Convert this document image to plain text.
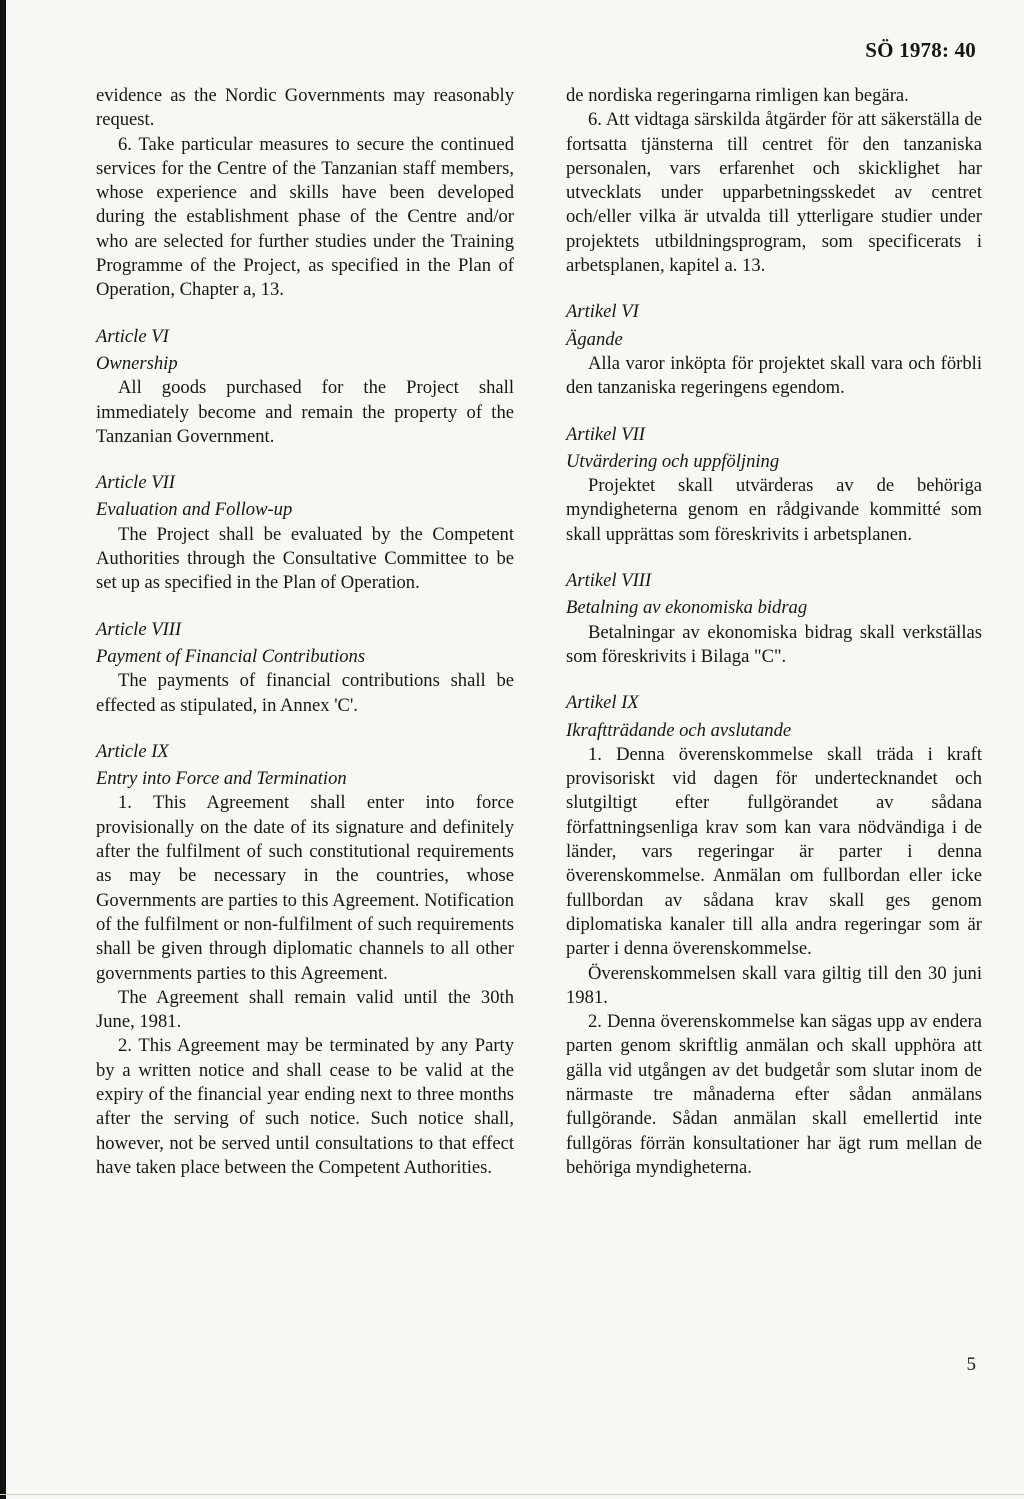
SÖ 1978: 40

evidence as the Nordic Governments may reasonably request.

6. Take particular measures to secure the continued services for the Centre of the Tanzanian staff members, whose experience and skills have been developed during the establishment phase of the Centre and/or who are selected for further studies under the Training Programme of the Project, as specified in the Plan of Operation, Chapter a, 13.

Article VI

Ownership

All goods purchased for the Project shall immediately become and remain the property of the Tanzanian Government.

Article VII

Evaluation and Follow-up

The Project shall be evaluated by the Competent Authorities through the Consultative Committee to be set up as specified in the Plan of Operation.

Article VIII

Payment of Financial Contributions

The payments of financial contributions shall be effected as stipulated, in Annex 'C'.

Article IX

Entry into Force and Termination

1. This Agreement shall enter into force provisionally on the date of its signature and definitely after the fulfilment of such constitutional requirements as may be necessary in the countries, whose Governments are parties to this Agreement. Notification of the fulfilment or non-fulfilment of such requirements shall be given through diplomatic channels to all other governments parties to this Agreement.

The Agreement shall remain valid until the 30th June, 1981.

2. This Agreement may be terminated by any Party by a written notice and shall cease to be valid at the expiry of the financial year ending next to three months after the serving of such notice. Such notice shall, however, not be served until consultations to that effect have taken place between the Competent Authorities.

de nordiska regeringarna rimligen kan begära.

6. Att vidtaga särskilda åtgärder för att säkerställa de fortsatta tjänsterna till centret för den tanzaniska personalen, vars erfarenhet och skicklighet har utvecklats under upparbetningsskedet av centret och/eller vilka är utvalda till ytterligare studier under projektets utbildningsprogram, som specificerats i arbetsplanen, kapitel a. 13.

Artikel VI

Ägande

Alla varor inköpta för projektet skall vara och förbli den tanzaniska regeringens egendom.

Artikel VII

Utvärdering och uppföljning

Projektet skall utvärderas av de behöriga myndigheterna genom en rådgivande kommitté som skall upprättas som föreskrivits i arbetsplanen.

Artikel VIII

Betalning av ekonomiska bidrag

Betalningar av ekonomiska bidrag skall verkställas som föreskrivits i Bilaga "C".

Artikel IX

Ikraftträdande och avslutande

1. Denna överenskommelse skall träda i kraft provisoriskt vid dagen för undertecknandet och slutgiltigt efter fullgörandet av sådana författningsenliga krav som kan vara nödvändiga i de länder, vars regeringar är parter i denna överenskommelse. Anmälan om fullbordan eller icke fullbordan av sådana krav skall ges genom diplomatiska kanaler till alla andra regeringar som är parter i denna överenskommelse.

Överenskommelsen skall vara giltig till den 30 juni 1981.

2. Denna överenskommelse kan sägas upp av endera parten genom skriftlig anmälan och skall upphöra att gälla vid utgången av det budgetår som slutar inom de närmaste tre månaderna efter sådan anmälans fullgörande. Sådan anmälan skall emellertid inte fullgöras förrän konsultationer har ägt rum mellan de behöriga myndigheterna.

5
